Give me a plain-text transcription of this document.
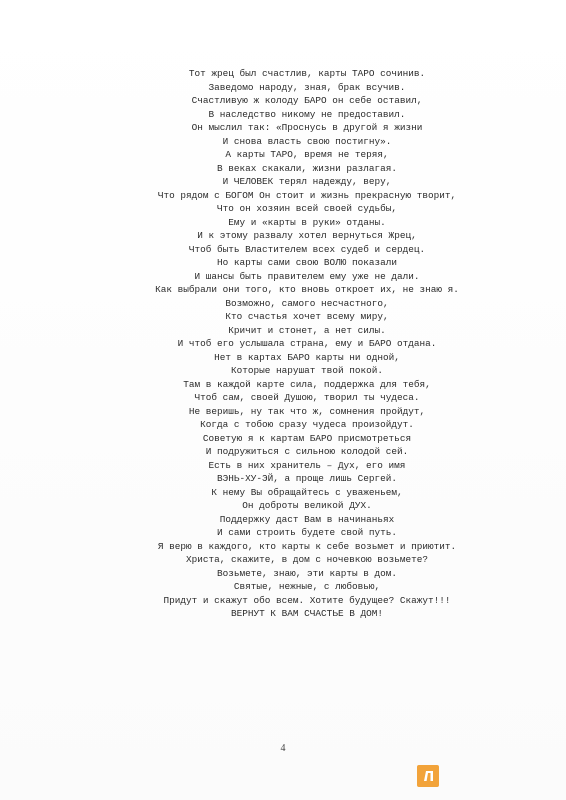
Тот жрец был счастлив, карты ТАРО сочинив.
Заведомо народу, зная, брак всучив.
Счастливую ж колоду БАРО он себе оставил,
В наследство никому не предоставил.
Он мыслил так: «Проснусь в другой я жизни
И снова власть свою постигну».
А карты ТАРО, время не теряя,
В веках скакали, жизни разлагая.
И ЧЕЛОВЕК терял надежду, веру,
Что рядом с БОГОМ Он стоит и жизнь прекрасную творит,
Что он хозяин всей своей судьбы,
Ему и «карты в руки» отданы.
И к этому развалу хотел вернуться Жрец,
Чтоб быть Властителем всех судеб и сердец.
Но карты сами свою ВОЛЮ показали
И шансы быть правителем ему уже не дали.
Как выбрали они того, кто вновь откроет их, не знаю я.
Возможно, самого несчастного,
Кто счастья хочет всему миру,
Кричит и стонет, а нет силы.
И чтоб его услышала страна, ему и БАРО отдана.
Нет в картах БАРО карты ни одной,
Которые нарушат твой покой.
Там в каждой карте сила, поддержка для тебя,
Чтоб сам, своей Душою, творил ты чудеса.
Не веришь, ну так что ж, сомнения пройдут,
Когда с тобою сразу чудеса произойдут.
Советую я к картам БАРО присмотреться
И подружиться с сильною колодой сей.
Есть в них хранитель – Дух, его имя
ВЭНЬ-ХУ-ЭЙ, а проще лишь Сергей.
К нему Вы обращайтесь с уваженьем,
Он доброты великой ДУХ.
Поддержку даст Вам в начинаньях
И сами строить будете свой путь.
Я верю в каждого, кто карты к себе возьмет и приютит.
Христа, скажите, в дом с ночевкою возьмете?
Возьмете, знаю, эти карты в дом.
Святые, нежные, с любовью,
Придут и скажут обо всем. Хотите будущее? Скажут!!!
ВЕРНУТ К ВАМ СЧАСТЬЕ В ДОМ!
4
